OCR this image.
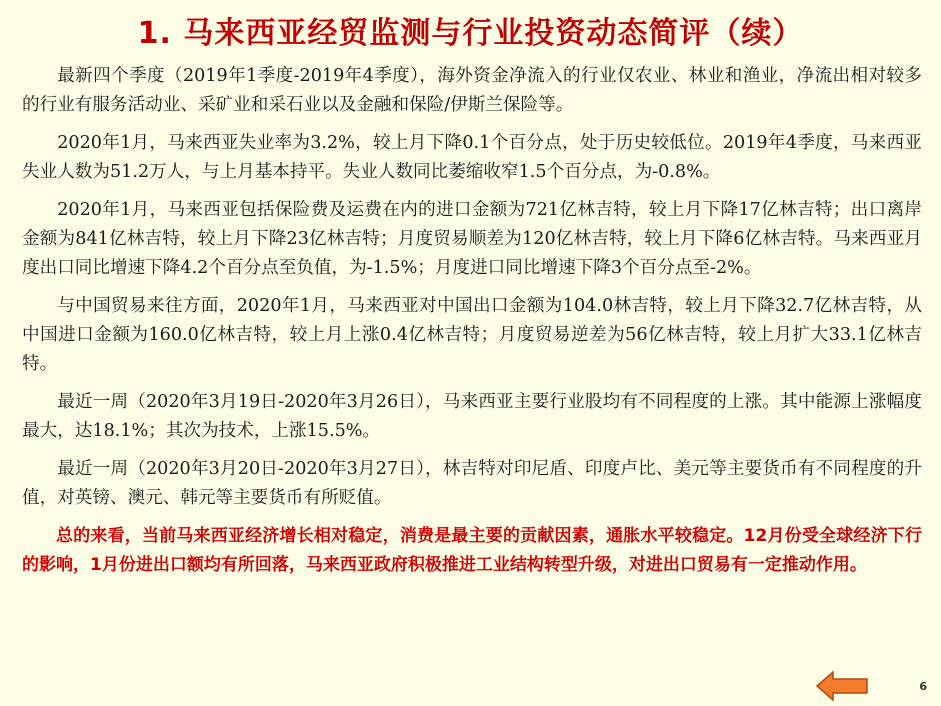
1. 马来西亚经贸监测与行业投资动态简评（续）

最新四个季度（2019年1季度-2019年4季度），海外资金净流入的行业仅农业、林业和渔业，净流出相对较多的行业有服务活动业、采矿业和采石业以及金融和保险/伊斯兰保险等。

2020年1月，马来西亚失业率为3.2%，较上月下降0.1个百分点，处于历史较低位。2019年4季度，马来西亚失业人数为51.2万人，与上月基本持平。失业人数同比萎缩收窄1.5个百分点，为-0.8%。

2020年1月，马来西亚包括保险费及运费在内的进口金额为721亿林吉特，较上月下降17亿林吉特；出口离岸金额为841亿林吉特，较上月下降23亿林吉特；月度贸易顺差为120亿林吉特，较上月下降6亿林吉特。马来西亚月度出口同比增速下降4.2个百分点至负值，为-1.5%；月度进口同比增速下降3个百分点至-2%。

与中国贸易来往方面，2020年1月，马来西亚对中国出口金额为104.0林吉特，较上月下降32.7亿林吉特，从中国进口金额为160.0亿林吉特，较上月上涨0.4亿林吉特；月度贸易逆差为56亿林吉特，较上月扩大33.1亿林吉特。

最近一周（2020年3月19日-2020年3月26日），马来西亚主要行业股均有不同程度的上涨。其中能源上涨幅度最大，达18.1%；其次为技术，上涨15.5%。

最近一周（2020年3月20日-2020年3月27日），林吉特对印尼盾、印度卢比、美元等主要货币有不同程度的升值，对英镑、澳元、韩元等主要货币有所贬值。

总的来看，当前马来西亚经济增长相对稳定，消费是最主要的贡献因素，通胀水平较稳定。12月份受全球经济下行的影响，1月份进出口额均有所回落，马来西亚政府积极推进工业结构转型升级，对进出口贸易有一定推动作用。

6
